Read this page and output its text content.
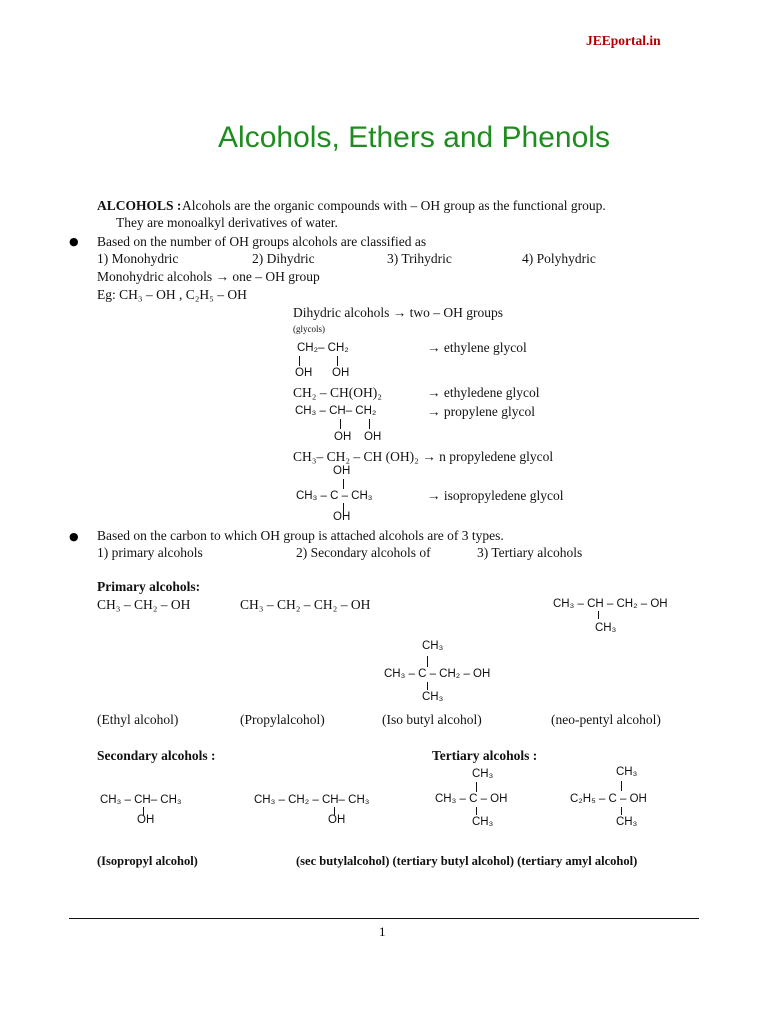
JEEportal.in
Alcohols, Ethers and Phenols
ALCOHOLS : Alcohols are the organic compounds with – OH group as the functional group.
They are monoalkyl derivatives of water.
● Based on the number of OH groups alcohols are classified as
1) Monohydric	2) Dihydric	3) Trihydric	4) Polyhydric
Monohydric alcohols → one – OH group
Eg: CH₃ – OH , C₂H₅ – OH
Dihydric alcohols → two – OH groups
(glycols)
CH₂– CH₂
OH OH
→ ethylene glycol
CH₂ – CH(OH)₂	→ ethyledene glycol
CH₃ – CH– CH₂
OH OH
→ propylene glycol
CH₃– CH₂ – CH (OH)₂ → n propyledene glycol
OH
CH₃ – C – CH₃
OH
→ isopropyledene glycol
● Based on the carbon to which OH group is attached alcohols are of 3 types.
1) primary alcohols	2) Secondary alcohols of	3) Tertiary alcohols
Primary alcohols:
CH₃ – CH₂ – OH	CH₃ – CH₂ – CH₂ – OH	CH₃ – CH – CH₂ – OH
CH₃
CH₃
CH₃ – C – CH₂ – OH
CH₃
(Ethyl alcohol)	(Propylalcohol)	(Iso butyl alcohol)	(neo-pentyl alcohol)
Secondary alcohols :
CH₃ – CH– CH₃
OH
CH₃ – CH₂ – CH– CH₃
OH
Tertiary alcohols :
CH₃
CH₃ – C – OH
CH₃
CH₃
C₂H₅ – C – OH
CH₃
(Isopropyl alcohol)	(sec butylalcohol) (tertiary butyl alcohol) (tertiary amyl alcohol)
1
